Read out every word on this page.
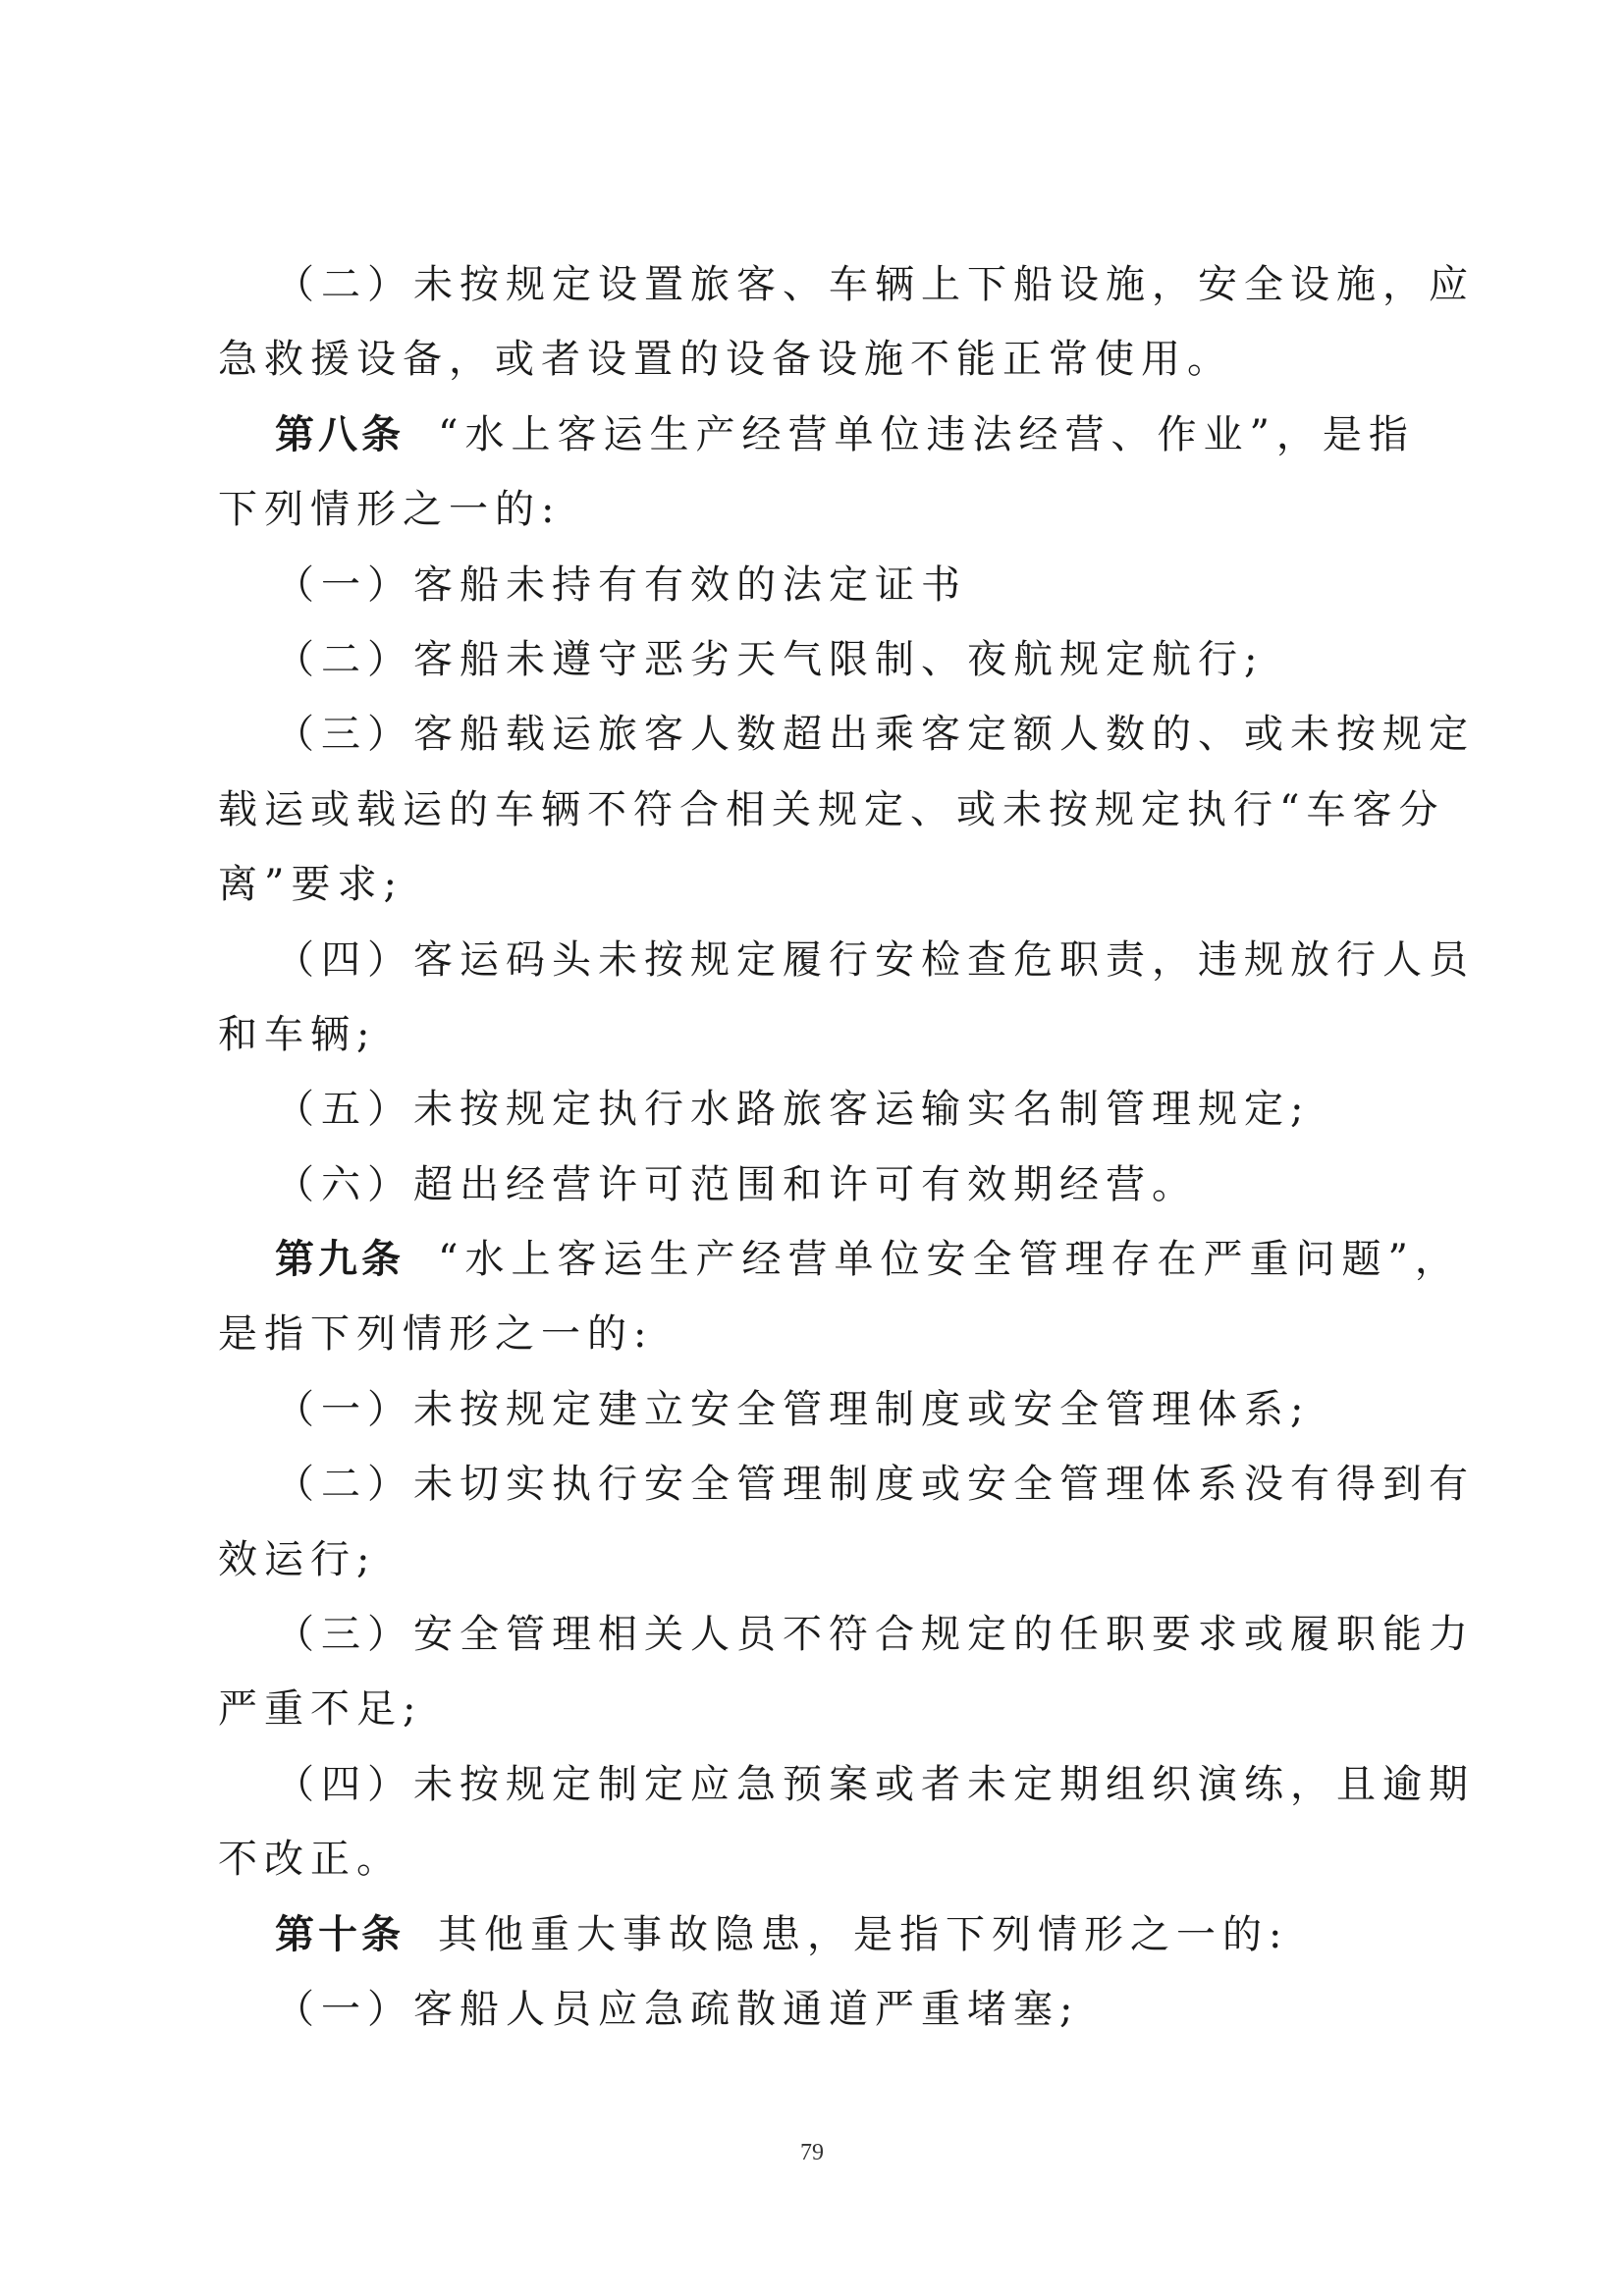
（二）未按规定设置旅客、车辆上下船设施，安全设施，应
急救援设备，或者设置的设备设施不能正常使用。
第八条 “水上客运生产经营单位违法经营、作业”，是指
下列情形之一的:
（一）客船未持有有效的法定证书
（二）客船未遵守恶劣天气限制、夜航规定航行;
（三）客船载运旅客人数超出乘客定额人数的、或未按规定
载运或载运的车辆不符合相关规定、或未按规定执行“车客分
离”要求;
（四）客运码头未按规定履行安检查危职责，违规放行人员
和车辆;
（五）未按规定执行水路旅客运输实名制管理规定;
（六）超出经营许可范围和许可有效期经营。
第九条 “水上客运生产经营单位安全管理存在严重问题”，
是指下列情形之一的:
（一）未按规定建立安全管理制度或安全管理体系;
（二）未切实执行安全管理制度或安全管理体系没有得到有
效运行;
（三）安全管理相关人员不符合规定的任职要求或履职能力
严重不足;
（四）未按规定制定应急预案或者未定期组织演练，且逾期
不改正。
第十条 其他重大事故隐患，是指下列情形之一的:
（一）客船人员应急疏散通道严重堵塞;
79
